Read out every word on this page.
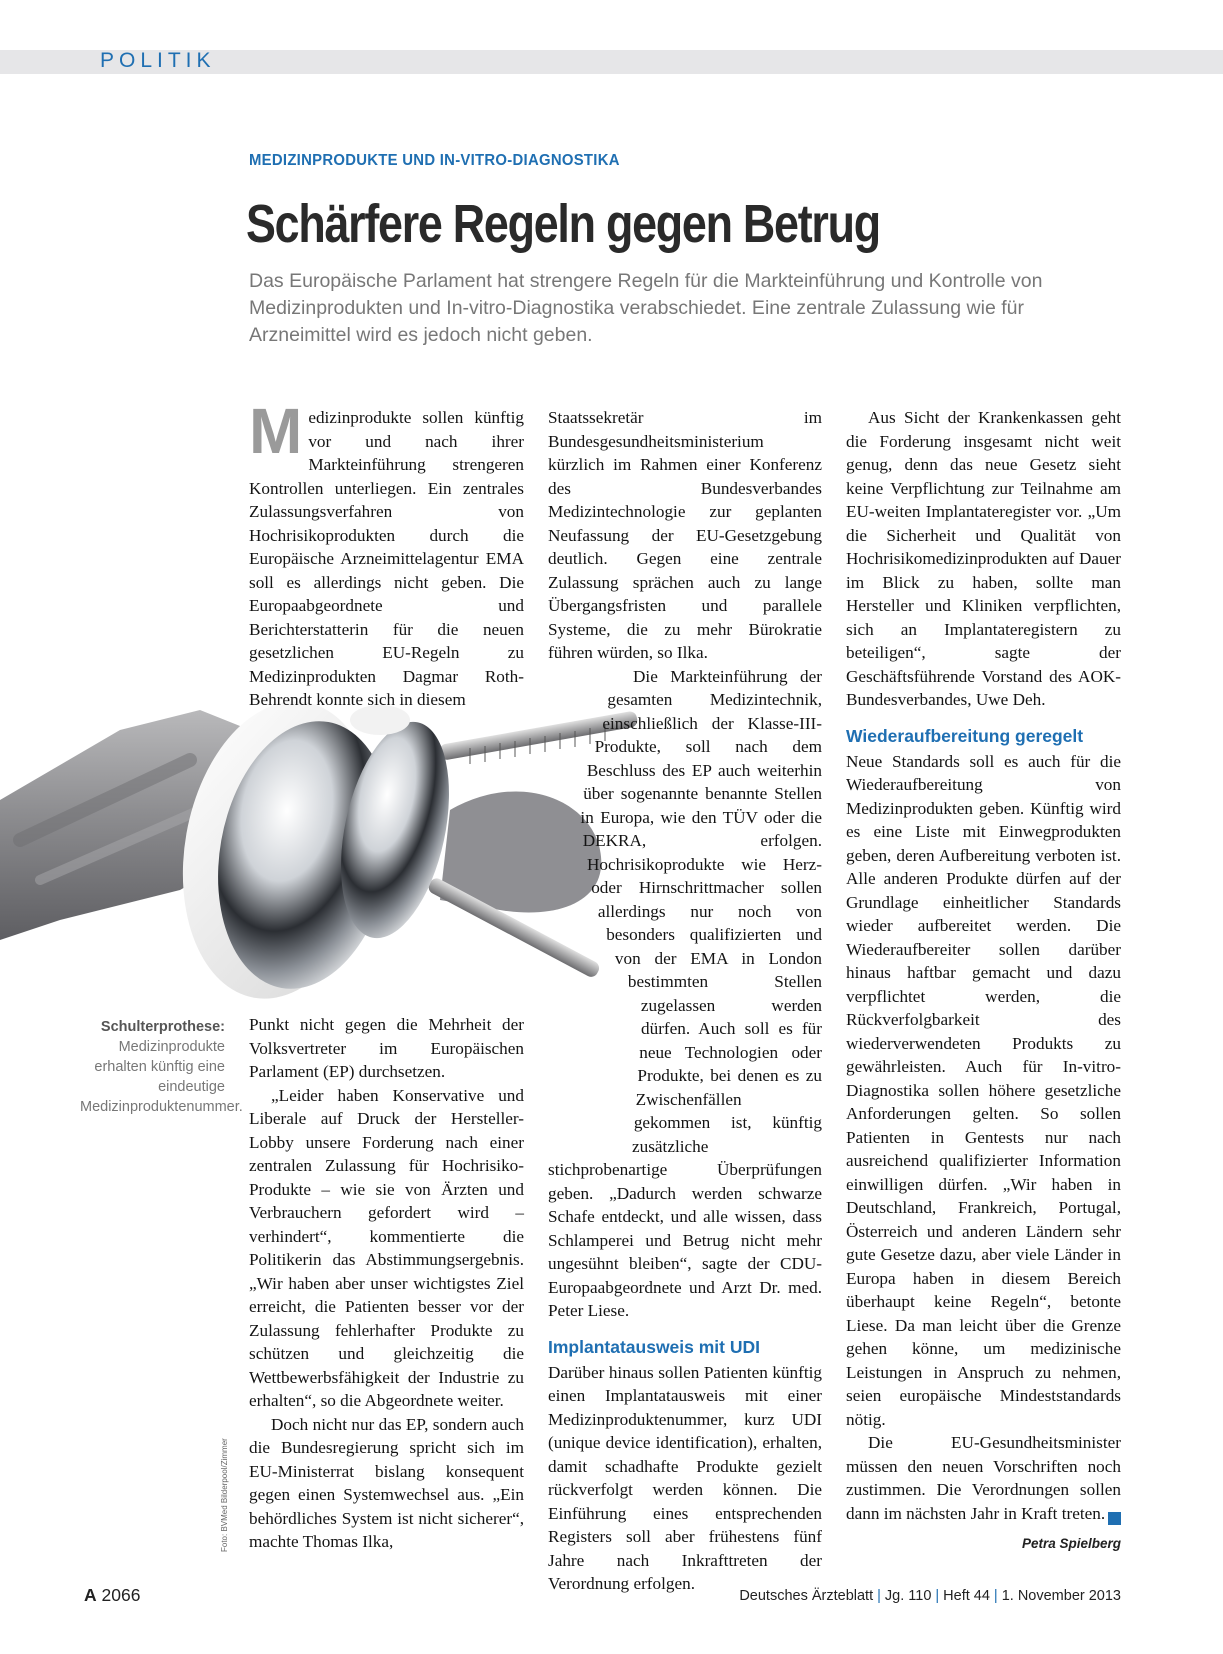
POLITIK
MEDIZINPRODUKTE UND IN-VITRO-DIAGNOSTIKA
Schärfere Regeln gegen Betrug
Das Europäische Parlament hat strengere Regeln für die Markteinführung und Kontrolle von Medizinprodukten und In-vitro-Diagnostika verabschiedet. Eine zentrale Zulassung wie für Arzneimittel wird es jedoch nicht geben.
Schulterprothese: Medizinprodukte erhalten künftig eine eindeutige Medizinproduktenummer.
Foto: BVMed Bilderpool/Zimmer

M edizinprodukte sollen künftig vor und nach ihrer Markteinführung strengeren Kontrollen unterliegen. Ein zentrales Zulassungsverfahren von Hochrisikoprodukten durch die Europäische Arzneimittelagentur EMA soll es allerdings nicht geben. Die Europaabgeordnete und Berichterstatterin für die neuen gesetzlichen EU-Regeln zu Medizinprodukten Dagmar Roth-Behrendt konnte sich in diesem

Punkt nicht gegen die Mehrheit der Volksvertreter im Europäischen Parlament (EP) durchsetzen.

„Leider haben Konservative und Liberale auf Druck der Hersteller-Lobby unsere Forderung nach einer zentralen Zulassung für Hochrisiko-Produkte – wie sie von Ärzten und Verbrauchern gefordert wird – verhindert“, kommentierte die Politikerin das Abstimmungsergebnis. „Wir haben aber unser wichtigstes Ziel erreicht, die Patienten besser vor der Zulassung fehlerhafter Produkte zu schützen und gleichzeitig die Wettbewerbsfähigkeit der Industrie zu erhalten“, so die Abgeordnete weiter.

Doch nicht nur das EP, sondern auch die Bundesregierung spricht sich im EU-Ministerrat bislang konsequent gegen einen Systemwechsel aus. „Ein behördliches System ist nicht sicherer“, machte Thomas Ilka,

Staatssekretär im Bundesgesundheitsministerium kürzlich im Rahmen einer Konferenz des Bundesverbandes Medizintechnologie zur geplanten Neufassung der EU-Gesetzgebung deutlich. Gegen eine zentrale Zulassung sprächen auch zu lange Übergangsfristen und parallele Systeme, die zu mehr Bürokratie führen würden, so Ilka.

Die Markteinführung der gesamten Medizintechnik, einschließlich der Klasse-III-Produkte, soll nach dem Beschluss des EP auch weiterhin über sogenannte benannte Stellen in Europa, wie den TÜV oder die DEKRA, erfolgen. Hochrisikoprodukte wie Herz- oder Hirnschrittmacher sollen allerdings nur noch von besonders qualifizierten und von der EMA in London bestimmten Stellen zugelassen werden dürfen. Auch soll es für neue Technologien oder Produkte, bei denen es zu Zwischenfällen gekommen ist, künftig zusätzliche stichprobenartige Überprüfungen geben. „Dadurch werden schwarze Schafe entdeckt, und alle wissen, dass Schlamperei und Betrug nicht mehr ungesühnt bleiben“, sagte der CDU-Europaabgeordnete und Arzt Dr. med. Peter Liese.

Implantatausweis mit UDI

Darüber hinaus sollen Patienten künftig einen Implantatausweis mit einer Medizinproduktenummer, kurz UDI (unique device identification), erhalten, damit schadhafte Produkte gezielt rückverfolgt werden können. Die Einführung eines entsprechenden Registers soll aber frühestens fünf Jahre nach Inkrafttreten der Verordnung erfolgen.

Aus Sicht der Krankenkassen geht die Forderung insgesamt nicht weit genug, denn das neue Gesetz sieht keine Verpflichtung zur Teilnahme am EU-weiten Implantateregister vor. „Um die Sicherheit und Qualität von Hochrisikomedizinprodukten auf Dauer im Blick zu haben, sollte man Hersteller und Kliniken verpflichten, sich an Implantateregistern zu beteiligen“, sagte der Geschäftsführende Vorstand des AOK-Bundesverbandes, Uwe Deh.

Wiederaufbereitung geregelt

Neue Standards soll es auch für die Wiederaufbereitung von Medizinprodukten geben. Künftig wird es eine Liste mit Einwegprodukten geben, deren Aufbereitung verboten ist. Alle anderen Produkte dürfen auf der Grundlage einheitlicher Standards wieder aufbereitet werden. Die Wiederaufbereiter sollen darüber hinaus haftbar gemacht und dazu verpflichtet werden, die Rückverfolgbarkeit des wiederverwendeten Produkts zu gewährleisten. Auch für In-vitro-Diagnostika sollen höhere gesetzliche Anforderungen gelten. So sollen Patienten in Gentests nur nach ausreichend qualifizierter Information einwilligen dürfen. „Wir haben in Deutschland, Frankreich, Portugal, Österreich und anderen Ländern sehr gute Gesetze dazu, aber viele Länder in Europa haben in diesem Bereich überhaupt keine Regeln“, betonte Liese. Da man leicht über die Grenze gehen könne, um medizinische Leistungen in Anspruch zu nehmen, seien europäische Mindeststandards nötig.

Die EU-Gesundheitsminister müssen den neuen Vorschriften noch zustimmen. Die Verordnungen sollen dann im nächsten Jahr in Kraft treten.

Petra Spielberg
A 2066	Deutsches Ärzteblatt | Jg. 110 | Heft 44 | 1. November 2013
